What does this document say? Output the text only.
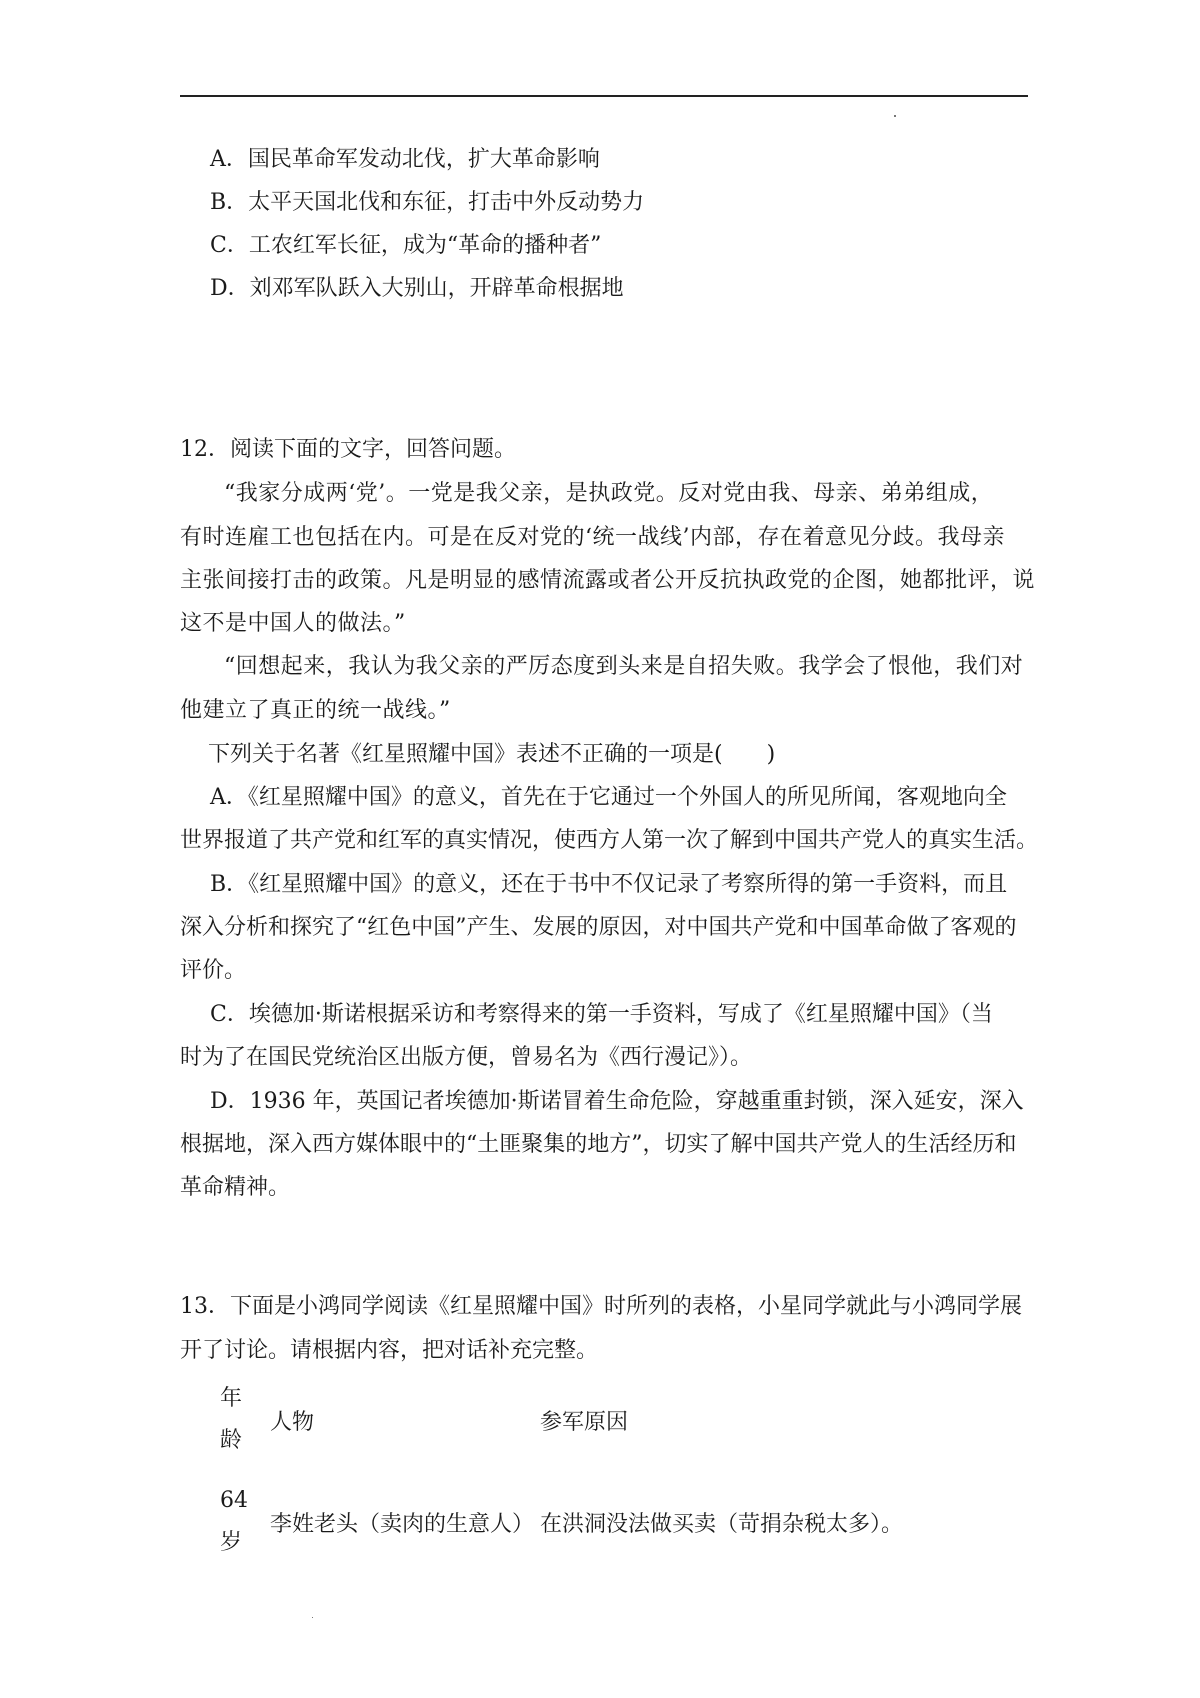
A．国民革命军发动北伐，扩大革命影响
B．太平天国北伐和东征，打击中外反动势力
C．工农红军长征，成为“革命的播种者”
D．刘邓军队跃入大别山，开辟革命根据地
12．阅读下面的文字，回答问题。
“我家分成两‘党’。一党是我父亲，是执政党。反对党由我、母亲、弟弟组成，
有时连雇工也包括在内。可是在反对党的‘统一战线’内部，存在着意见分歧。我母亲
主张间接打击的政策。凡是明显的感情流露或者公开反抗执政党的企图，她都批评，说
这不是中国人的做法。”
“回想起来，我认为我父亲的严厉态度到头来是自招失败。我学会了恨他，我们对
他建立了真正的统一战线。”
下列关于名著《红星照耀中国》表述不正确的一项是(　　)
A．《红星照耀中国》的意义，首先在于它通过一个外国人的所见所闻，客观地向全
世界报道了共产党和红军的真实情况，使西方人第一次了解到中国共产党人的真实生活。
B．《红星照耀中国》的意义，还在于书中不仅记录了考察所得的第一手资料，而且
深入分析和探究了“红色中国”产生、发展的原因，对中国共产党和中国革命做了客观的
评价。
C．埃德加·斯诺根据采访和考察得来的第一手资料，写成了《红星照耀中国》（当
时为了在国民党统治区出版方便，曾易名为《西行漫记》）。
D．1936 年，英国记者埃德加·斯诺冒着生命危险，穿越重重封锁，深入延安，深入
根据地，深入西方媒体眼中的“土匪聚集的地方”，切实了解中国共产党人的生活经历和
革命精神。
13．下面是小鸿同学阅读《红星照耀中国》时所列的表格，小星同学就此与小鸿同学展
开了讨论。请根据内容，把对话补充完整。
年
龄	人物	参军原因

64
岁	李姓老头（卖肉的生意人）	在洪洞没法做买卖（苛捐杂税太多）。
